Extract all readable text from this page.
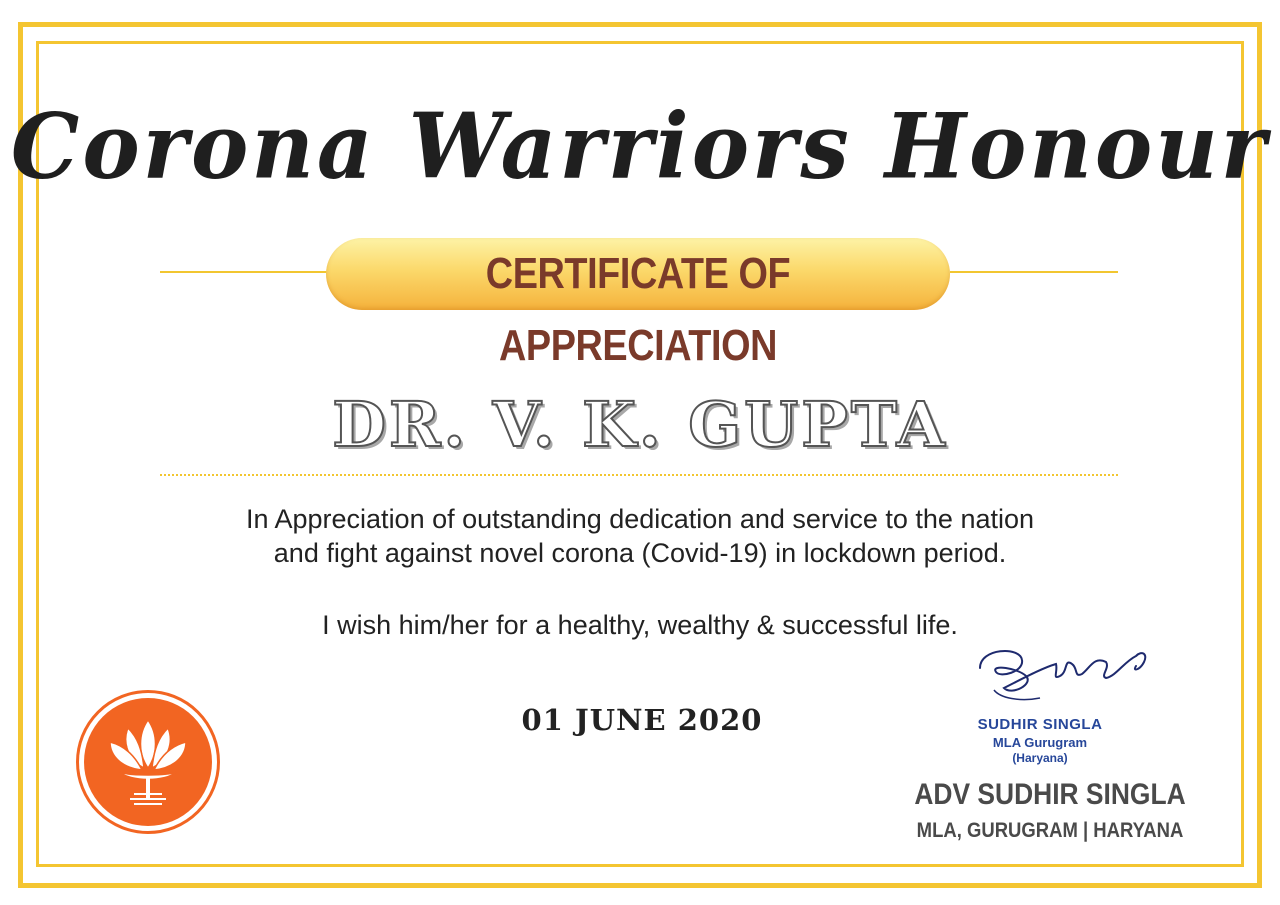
Corona Warriors Honour
CERTIFICATE OF APPRECIATION
DR. V. K. GUPTA
In Appreciation of outstanding dedication and service to the nation
and fight against novel corona (Covid-19) in lockdown period.
I wish him/her for a healthy, wealthy & successful life.
01 JUNE 2020	SUDHIR SINGLA
MLA Gurugram
(Haryana)
ADV SUDHIR SINGLA
MLA, GURUGRAM | HARYANA
